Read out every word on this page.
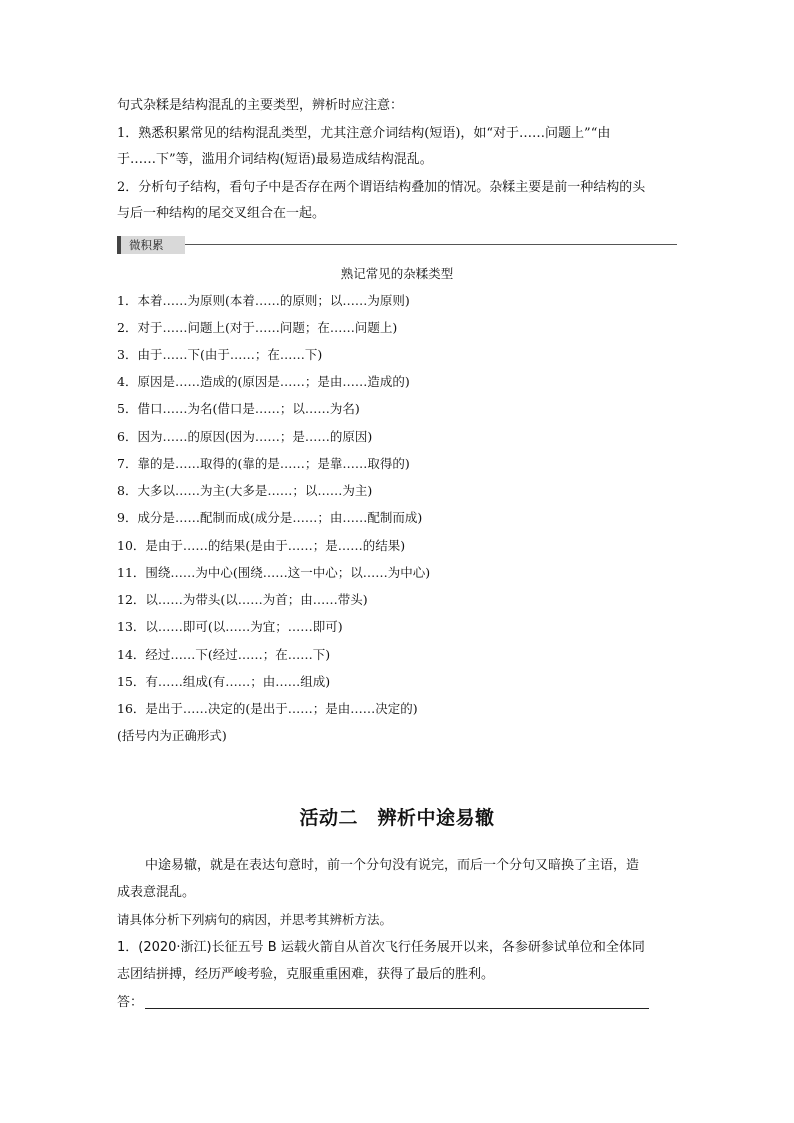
句式杂糅是结构混乱的主要类型，辨析时应注意：
1．熟悉积累常见的结构混乱类型，尤其注意介词结构(短语)，如“对于……问题上”“由
于……下”等，滥用介词结构(短语)最易造成结构混乱。
2．分析句子结构，看句子中是否存在两个谓语结构叠加的情况。杂糅主要是前一种结构的头
与后一种结构的尾交叉组合在一起。
微积累
熟记常见的杂糅类型
1．本着……为原则(本着……的原则；以……为原则)
2．对于……问题上(对于……问题；在……问题上)
3．由于……下(由于……；在……下)
4．原因是……造成的(原因是……；是由……造成的)
5．借口……为名(借口是……；以……为名)
6．因为……的原因(因为……；是……的原因)
7．靠的是……取得的(靠的是……；是靠……取得的)
8．大多以……为主(大多是……；以……为主)
9．成分是……配制而成(成分是……；由……配制而成)
10．是由于……的结果(是由于……；是……的结果)
11．围绕……为中心(围绕……这一中心；以……为中心)
12．以……为带头(以……为首；由……带头)
13．以……即可(以……为宜；……即可)
14．经过……下(经过……；在……下)
15．有……组成(有……；由……组成)
16．是出于……决定的(是出于……；是由……决定的)
(括号内为正确形式)
活动二　辨析中途易辙
中途易辙，就是在表达句意时，前一个分句没有说完，而后一个分句又暗换了主语，造
成表意混乱。
请具体分析下列病句的病因，并思考其辨析方法。
1．(2020·浙江)长征五号 B 运载火箭自从首次飞行任务展开以来，各参研参试单位和全体同
志团结拼搏，经历严峻考验，克服重重困难，获得了最后的胜利。
答：
